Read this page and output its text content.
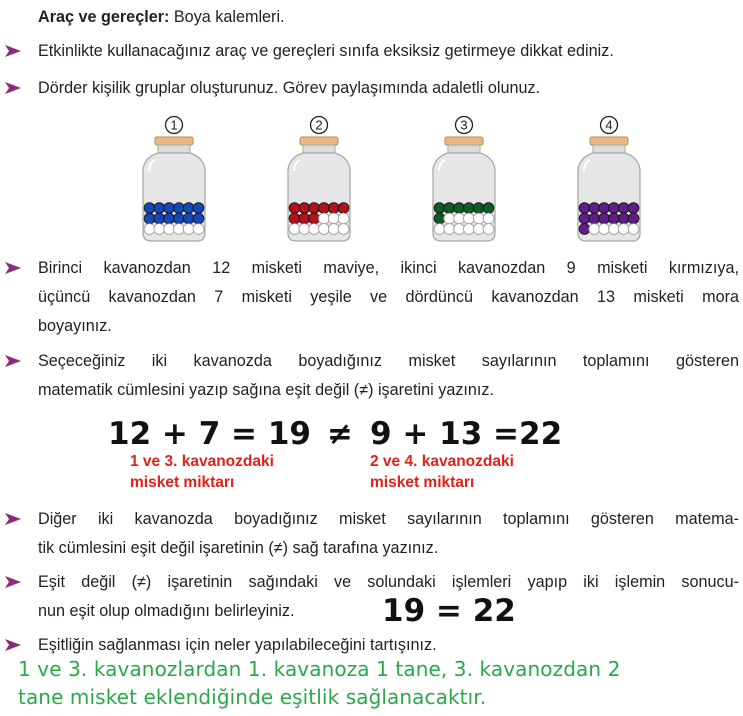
Araç ve gereçler: Boya kalemleri.
Etkinlikte kullanacağınız araç ve gereçleri sınıfa eksiksiz getirmeye dikkat ediniz.
Dörder kişilik gruplar oluşturunuz. Görev paylaşımında adaletli olunuz.
1	2	3	4
Birinci kavanozdan 12 misketi maviye, ikinci kavanozdan 9 misketi kırmızıya,
üçüncü kavanozdan 7 misketi yeşile ve dördüncü kavanozdan 13 misketi mora
boyayınız.
Seçeceğiniz iki kavanozda boyadığınız misket sayılarının toplamını gösteren
matematik cümlesini yazıp sağına eşit değil (≠) işaretini yazınız.
12 + 7 = 19 ≠ 9 + 13 =22
1 ve 3. kavanozdaki
misket miktarı
2 ve 4. kavanozdaki
misket miktarı
Diğer iki kavanozda boyadığınız misket sayılarının toplamını gösteren matema-
tik cümlesini eşit değil işaretinin (≠) sağ tarafına yazınız.
Eşit değil (≠) işaretinin sağındaki ve solundaki işlemleri yapıp iki işlemin sonucu-
nun eşit olup olmadığını belirleyiniz.	19 = 22
Eşitliğin sağlanması için neler yapılabileceğini tartışınız.
1 ve 3. kavanozlardan 1. kavanoza 1 tane, 3. kavanozdan 2
tane misket eklendiğinde eşitlik sağlanacaktır.
